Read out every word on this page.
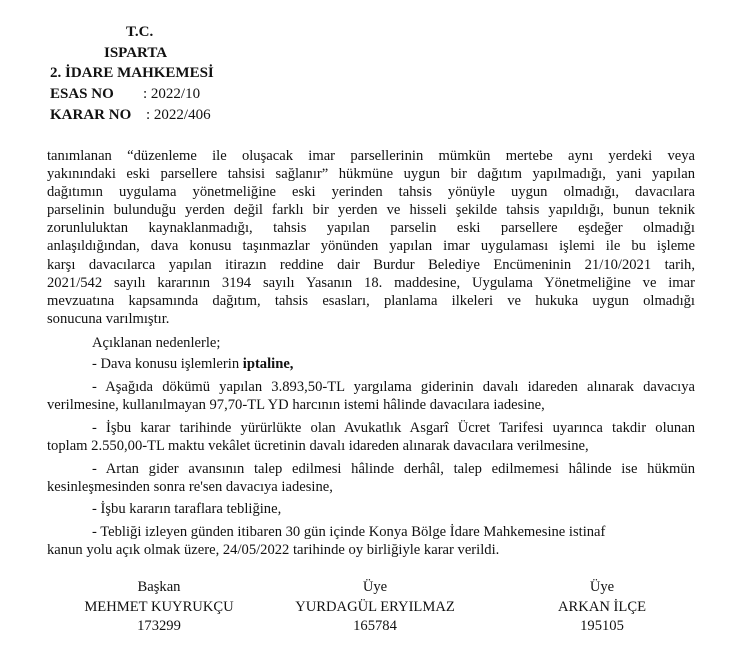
T.C.
ISPARTA
2. İDARE MAHKEMESİ
ESAS NO : 2022/10
KARAR NO : 2022/406
tanımlanan “düzenleme ile oluşacak imar parsellerinin mümkün mertebe aynı yerdeki veya
yakınındaki eski parsellere tahsisi sağlanır” hükmüne uygun bir dağıtım yapılmadığı, yani yapılan
dağıtımın uygulama yönetmeliğine eski yerinden tahsis yönüyle uygun olmadığı, davacılara
parselinin bulunduğu yerden değil farklı bir yerden ve hisseli şekilde tahsis yapıldığı, bunun teknik
zorunluluktan kaynaklanmadığı, tahsis yapılan parselin eski parsellere eşdeğer olmadığı
anlaşıldığından, dava konusu taşınmazlar yönünden yapılan imar uygulaması işlemi ile bu işleme
karşı davacılarca yapılan itirazın reddine dair Burdur Belediye Encümeninin 21/10/2021 tarih,
2021/542 sayılı kararının 3194 sayılı Yasanın 18. maddesine, Uygulama Yönetmeliğine ve imar
mevzuatına kapsamında dağıtım, tahsis esasları, planlama ilkeleri ve hukuka uygun olmadığı
sonucuna varılmıştır.
Açıklanan nedenlerle;
- Dava konusu işlemlerin iptaline,
- Aşağıda dökümü yapılan 3.893,50-TL yargılama giderinin davalı idareden alınarak davacıya
verilmesine, kullanılmayan 97,70-TL YD harcının istemi hâlinde davacılara iadesine,
- İşbu karar tarihinde yürürlükte olan Avukatlık Asgarî Ücret Tarifesi uyarınca takdir olunan
toplam 2.550,00-TL maktu vekâlet ücretinin davalı idareden alınarak davacılara verilmesine,
- Artan gider avansının talep edilmesi hâlinde derhâl, talep edilmemesi hâlinde ise hükmün
kesinleşmesinden sonra re'sen davacıya iadesine,
- İşbu kararın taraflara tebliğine,
- Tebliği izleyen günden itibaren 30 gün içinde Konya Bölge İdare Mahkemesine istinaf
kanun yolu açık olmak üzere, 24/05/2022 tarihinde oy birliğiyle karar verildi.
Başkan
MEHMET KUYRUKÇU
173299
Üye
YURDAGÜL ERYILMAZ
165784
Üye
ARKAN İLÇE
195105
